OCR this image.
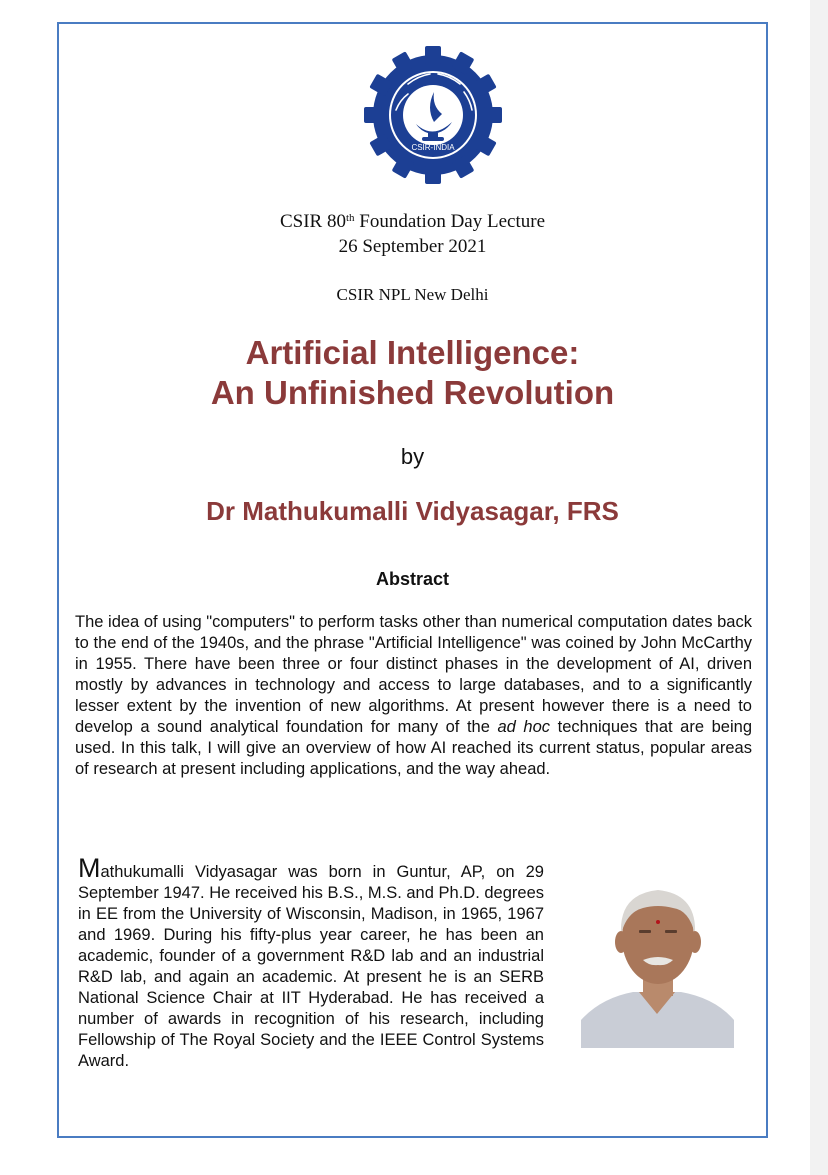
CSIR-INDIA
CSIR 80th Foundation Day Lecture
26 September 2021
CSIR NPL New Delhi
Artificial Intelligence:
An Unfinished Revolution
by
Dr Mathukumalli Vidyasagar, FRS
Abstract

The idea of using "computers" to perform tasks other than numerical computation dates back to the end of the 1940s, and the phrase "Artificial Intelligence" was coined by John McCarthy in 1955. There have been three or four distinct phases in the development of AI, driven mostly by advances in technology and access to large databases, and to a significantly lesser extent by the invention of new algorithms. At present however there is a need to develop a sound analytical foundation for many of the ad hoc techniques that are being used. In this talk, I will give an overview of how AI reached its current status, popular areas of research at present including applications, and the way ahead.

Mathukumalli Vidyasagar was born in Guntur, AP, on 29 September 1947. He received his B.S., M.S. and Ph.D. degrees in EE from the University of Wisconsin, Madison, in 1965, 1967 and 1969. During his fifty-plus year career, he has been an academic, founder of a government R&D lab and an industrial R&D lab, and again an academic. At present he is an SERB National Science Chair at IIT Hyderabad. He has received a number of awards in recognition of his research, including Fellowship of The Royal Society and the IEEE Control Systems Award.
